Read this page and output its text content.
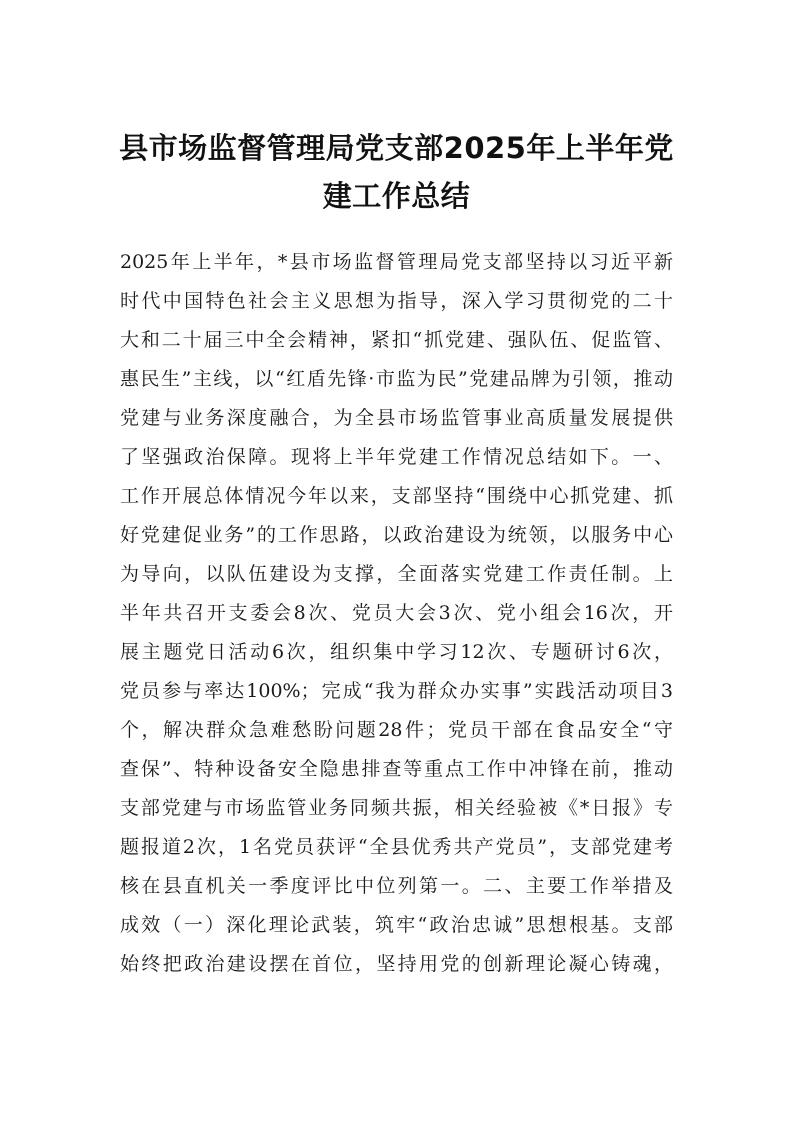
县市场监督管理局党支部2025年上半年党
建工作总结
2025年上半年，*县市场监督管理局党支部坚持以习近平新
时代中国特色社会主义思想为指导，深入学习贯彻党的二十
大和二十届三中全会精神，紧扣“抓党建、强队伍、促监管、
惠民生”主线，以“红盾先锋·市监为民”党建品牌为引领，推动
党建与业务深度融合，为全县市场监管事业高质量发展提供
了坚强政治保障。现将上半年党建工作情况总结如下。一、
工作开展总体情况今年以来，支部坚持“围绕中心抓党建、抓
好党建促业务”的工作思路，以政治建设为统领，以服务中心
为导向，以队伍建设为支撑，全面落实党建工作责任制。上
半年共召开支委会8次、党员大会3次、党小组会16次，开
展主题党日活动6次，组织集中学习12次、专题研讨6次，
党员参与率达100%；完成“我为群众办实事”实践活动项目3
个，解决群众急难愁盼问题28件；党员干部在食品安全“守
查保”、特种设备安全隐患排查等重点工作中冲锋在前，推动
支部党建与市场监管业务同频共振，相关经验被《*日报》专
题报道2次，1名党员获评“全县优秀共产党员”，支部党建考
核在县直机关一季度评比中位列第一。二、主要工作举措及
成效（一）深化理论武装，筑牢“政治忠诚”思想根基。支部
始终把政治建设摆在首位，坚持用党的创新理论凝心铸魂，
